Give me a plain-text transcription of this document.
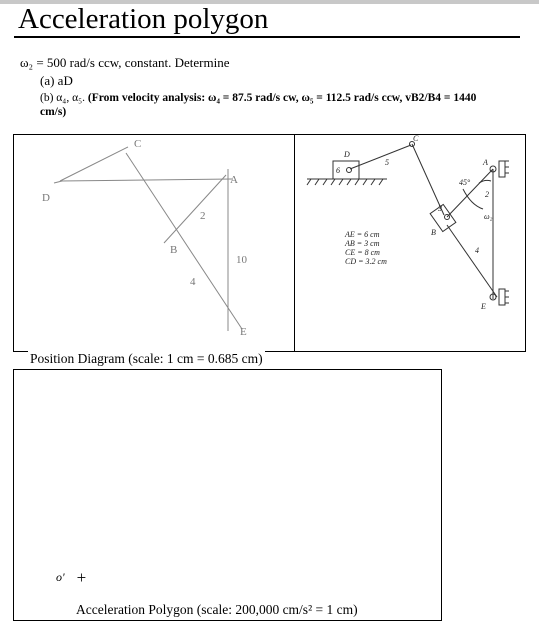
Acceleration polygon
ω₂ = 500 rad/s ccw, constant. Determine
(a) aD
(b) α₄, α₅. (From velocity analysis: ω₄ = 87.5 rad/s cw, ω₅ = 112.5 rad/s ccw, vB2/B4 = 1440
cm/s)
C
A
D
B
2
4
10
E
D
6
5
C
A
45°
2
ω₂
3
B
4
E
AE = 6 cm
AB = 3 cm
CE = 8 cm
CD = 3.2 cm
Position Diagram (scale: 1 cm = 0.685 cm)
o' +
Acceleration Polygon (scale: 200,000 cm/s² = 1 cm)
